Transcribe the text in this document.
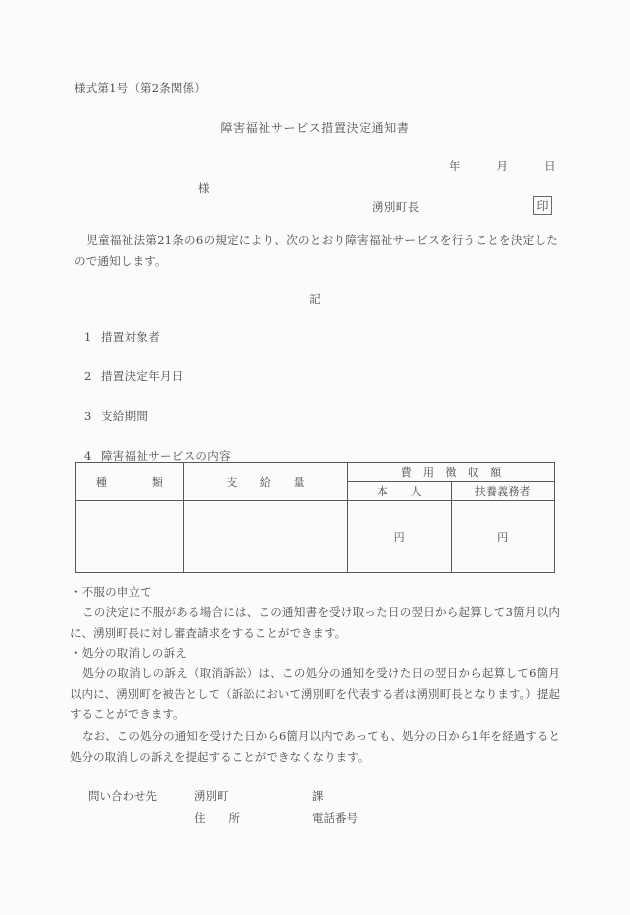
様式第1号（第2条関係）
障害福祉サービス措置決定通知書
年　　　月　　　日
様
湧別町長	印
児童福祉法第21条の6の規定により、次のとおり障害福祉サービスを行うことを決定したので通知します。
記
1 措置対象者
2 措置決定年月日
3 支給期間
4 障害福祉サービスの内容
種　　　　類	支　　給　　量	費　用　徴　収　額	
		本　　人	扶養義務者
		円	円

・不服の申立て

この決定に不服がある場合には、この通知書を受け取った日の翌日から起算して3箇月以内に、湧別町長に対し審査請求をすることができます。

・処分の取消しの訴え

処分の取消しの訴え（取消訴訟）は、この処分の通知を受けた日の翌日から起算して6箇月以内に、湧別町を被告として（訴訟において湧別町を代表する者は湧別町長となります。）提起することができます。

なお、この処分の通知を受けた日から6箇月以内であっても、処分の日から1年を経過すると処分の取消しの訴えを提起することができなくなります。

問い合わせ先	湧別町	課
住　　所	電話番号
